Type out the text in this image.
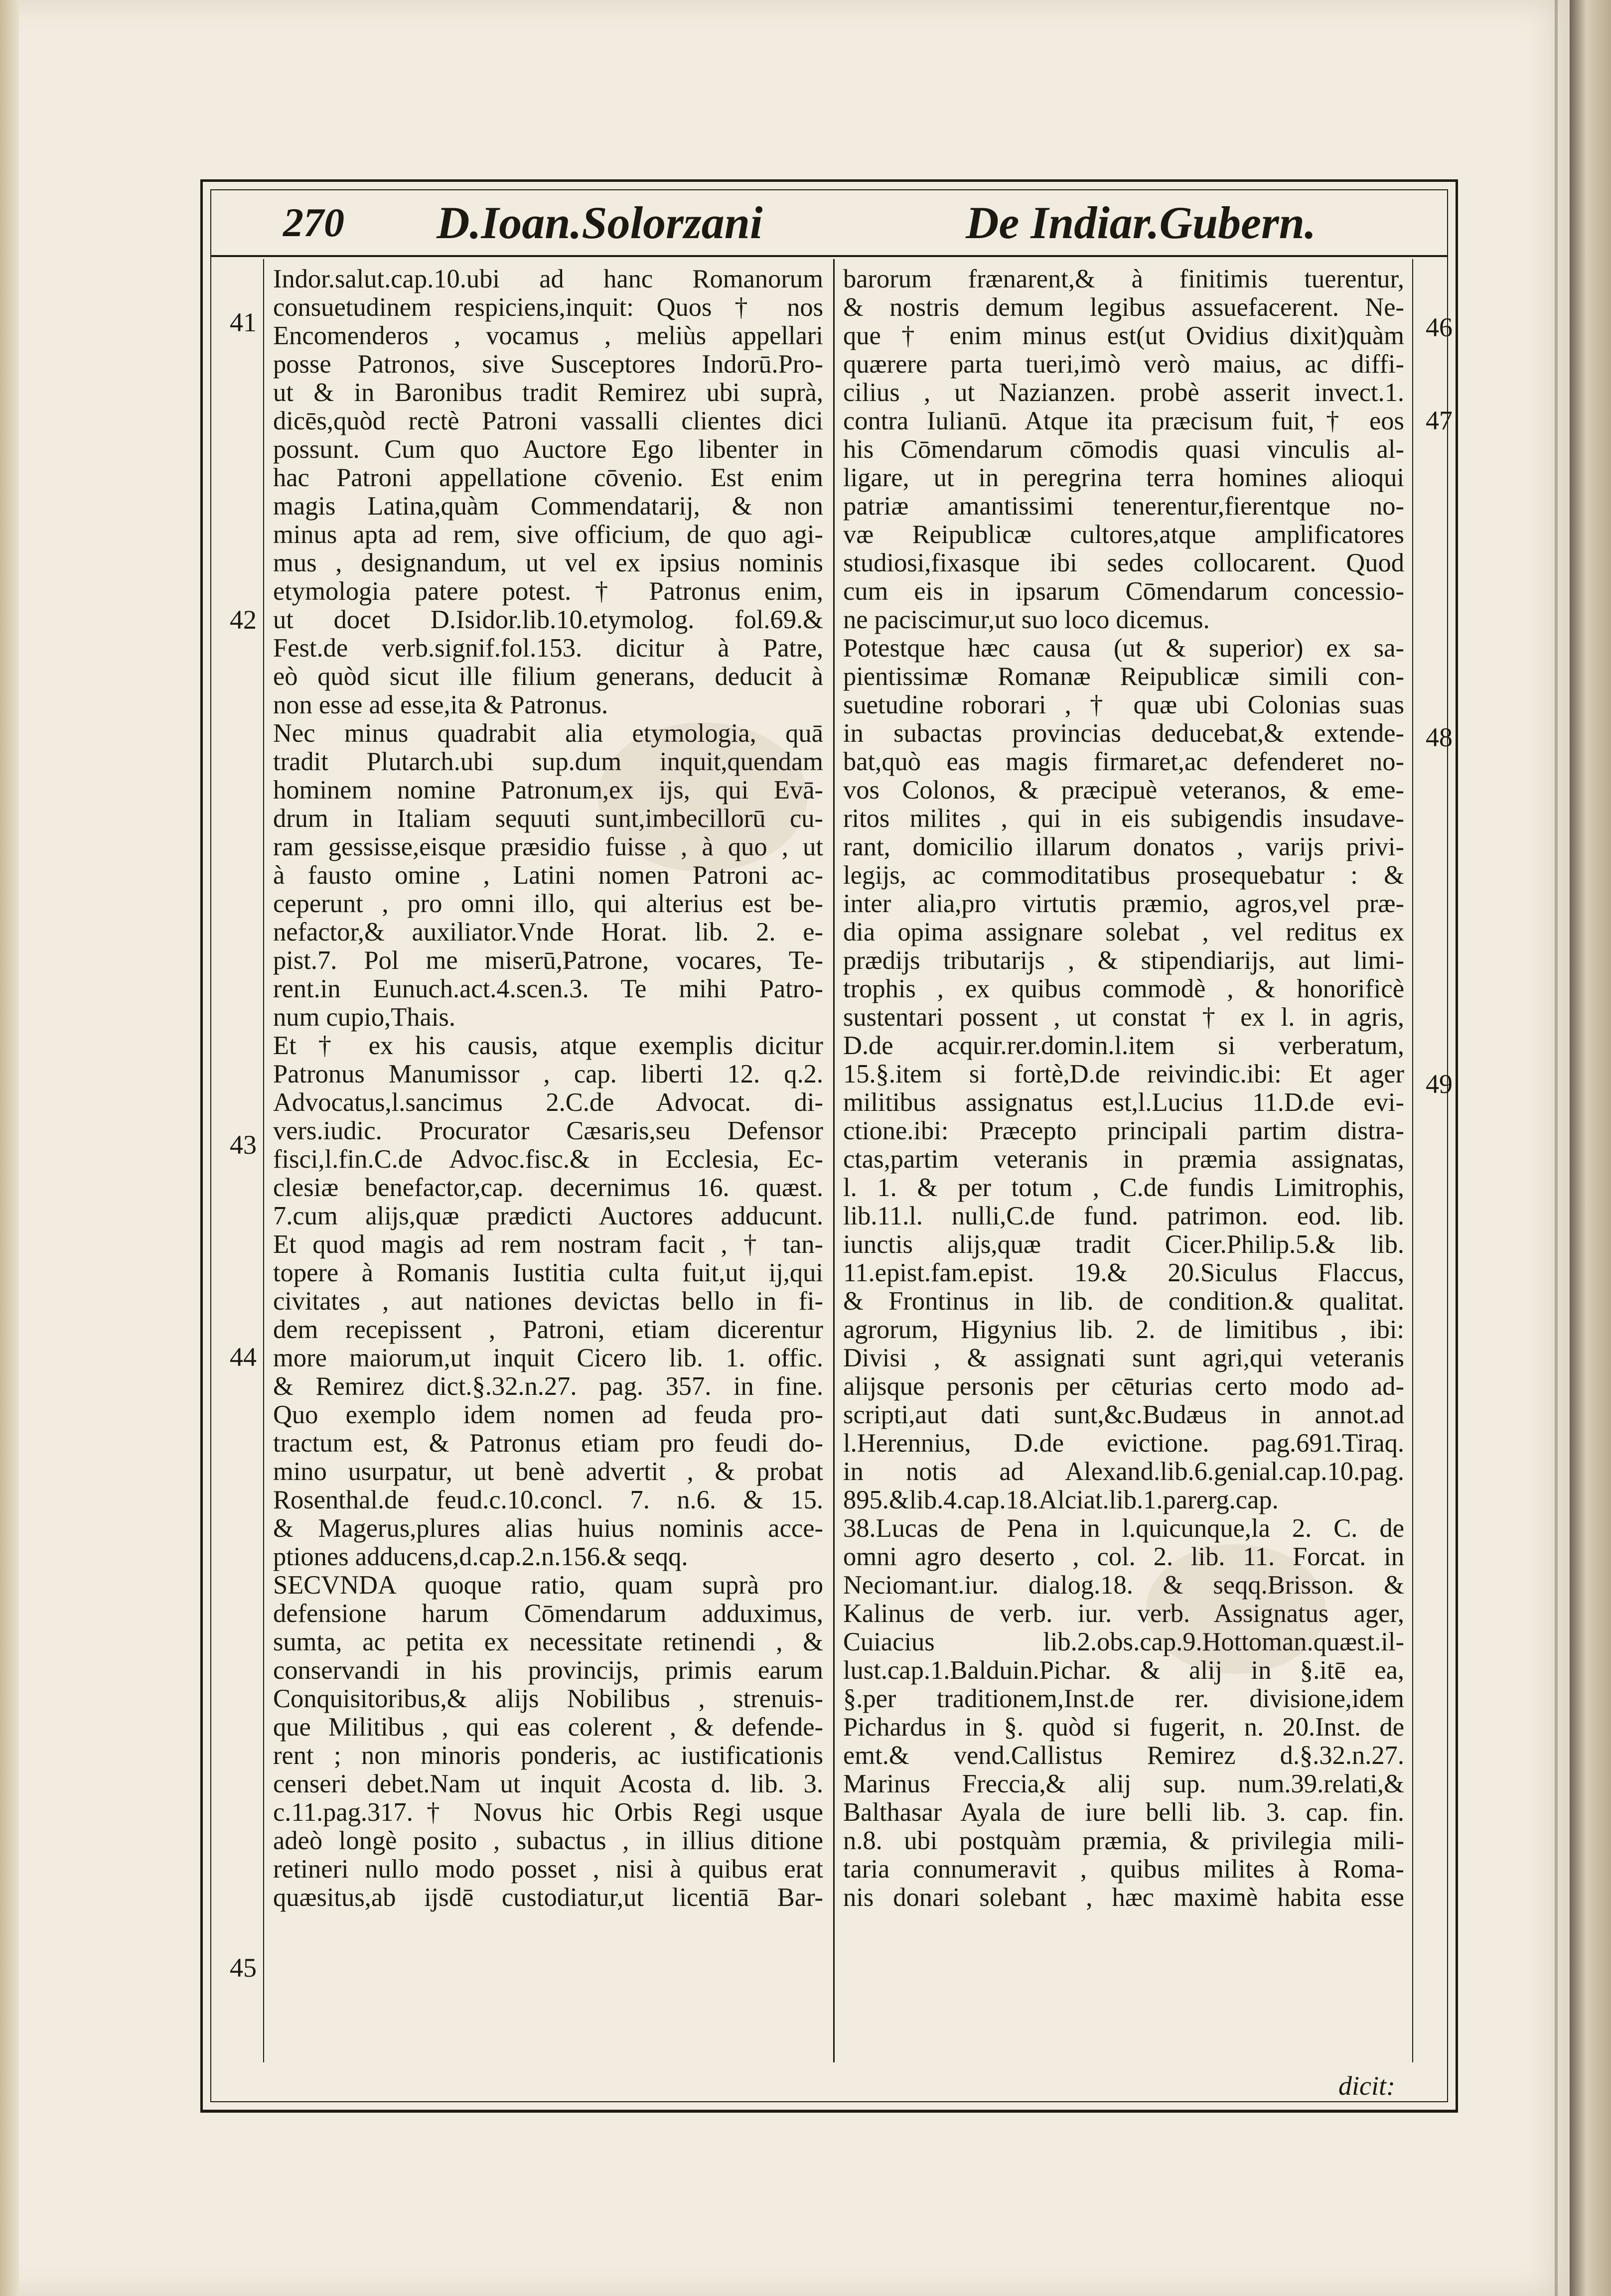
270 D.Ioan.Solorzani	De Indiar.Gubern.
Indor.salut.cap.10.ubi ad hanc Romanorum
consuetudinem respiciens,inquit: Quos † nos
Encomenderos , vocamus , meliùs appellari
posse Patronos, sive Susceptores Indorū.Pro-
ut & in Baronibus tradit Remirez ubi suprà,
dicēs,quòd rectè Patroni vassalli clientes dici
possunt. Cum quo Auctore Ego libenter in
hac Patroni appellatione cōvenio. Est enim
magis Latina,quàm Commendatarij, & non
minus apta ad rem, sive officium, de quo agi-
mus , designandum, ut vel ex ipsius nominis
etymologia patere potest. † Patronus enim,
ut docet D.Isidor.lib.10.etymolog. fol.69.&
Fest.de verb.signif.fol.153. dicitur à Patre,
eò quòd sicut ille filium generans, deducit à
non esse ad esse,ita & Patronus.
Nec minus quadrabit alia etymologia, quā
tradit Plutarch.ubi sup.dum inquit,quendam
hominem nomine Patronum,ex ijs, qui Evā-
drum in Italiam sequuti sunt,imbecillorū cu-
ram gessisse,eisque præsidio fuisse , à quo , ut
à fausto omine , Latini nomen Patroni ac-
ceperunt , pro omni illo, qui alterius est be-
nefactor,& auxiliator.Vnde Horat. lib. 2. e-
pist.7. Pol me miserū,Patrone, vocares, Te-
rent.in Eunuch.act.4.scen.3. Te mihi Patro-
num cupio,Thais.
Et † ex his causis, atque exemplis dicitur
Patronus Manumissor , cap. liberti 12. q.2.
Advocatus,l.sancimus 2.C.de Advocat. di-
vers.iudic. Procurator Cæsaris,seu Defensor
fisci,l.fin.C.de Advoc.fisc.& in Ecclesia, Ec-
clesiæ benefactor,cap. decernimus 16. quæst.
7.cum alijs,quæ prædicti Auctores adducunt.
Et quod magis ad rem nostram facit , † tan-
topere à Romanis Iustitia culta fuit,ut ij,qui
civitates , aut nationes devictas bello in fi-
dem recepissent , Patroni, etiam dicerentur
more maiorum,ut inquit Cicero lib. 1. offic.
& Remirez dict.§.32.n.27. pag. 357. in fine.
Quo exemplo idem nomen ad feuda pro-
tractum est, & Patronus etiam pro feudi do-
mino usurpatur, ut benè advertit , & probat
Rosenthal.de feud.c.10.concl. 7. n.6. & 15.
& Magerus,plures alias huius nominis acce-
ptiones adducens,d.cap.2.n.156.& seqq.
SECVNDA quoque ratio, quam suprà pro
defensione harum Cōmendarum adduximus,
sumta, ac petita ex necessitate retinendi , &
conservandi in his provincijs, primis earum
Conquisitoribus,& alijs Nobilibus , strenuis-
que Militibus , qui eas colerent , & defende-
rent ; non minoris ponderis, ac iustificationis
censeri debet.Nam ut inquit Acosta d. lib. 3.
c.11.pag.317.† Novus hic Orbis Regi usque
adeò longè posito , subactus , in illius ditione
retineri nullo modo posset , nisi à quibus erat
quæsitus,ab ijsdē custodiatur,ut licentiā Bar-
barorum frænarent,& à finitimis tuerentur,
& nostris demum legibus assuefacerent. Ne-
que † enim minus est(ut Ovidius dixit)quàm
quærere parta tueri,imò verò maius, ac diffi-
cilius , ut Nazianzen. probè asserit invect.1.
contra Iulianū. Atque ita præcisum fuit,† eos
his Cōmendarum cōmodis quasi vinculis al-
ligare, ut in peregrina terra homines alioqui
patriæ amantissimi tenerentur,fierentque no-
væ Reipublicæ cultores,atque amplificatores
studiosi,fixasque ibi sedes collocarent. Quod
cum eis in ipsarum Cōmendarum concessio-
ne paciscimur,ut suo loco dicemus.
Potestque hæc causa (ut & superior) ex sa-
pientissimæ Romanæ Reipublicæ simili con-
suetudine roborari , † quæ ubi Colonias suas
in subactas provincias deducebat,& extende-
bat,quò eas magis firmaret,ac defenderet no-
vos Colonos, & præcipuè veteranos, & eme-
ritos milites , qui in eis subigendis insudave-
rant, domicilio illarum donatos , varijs privi-
legijs, ac commoditatibus prosequebatur : &
inter alia,pro virtutis præmio, agros,vel præ-
dia opima assignare solebat , vel reditus ex
prædijs tributarijs , & stipendiarijs, aut limi-
trophis , ex quibus commodè , & honorificè
sustentari possent , ut constat † ex l. in agris,
D.de acquir.rer.domin.l.item si verberatum,
15.§.item si fortè,D.de reivindic.ibi: Et ager
militibus assignatus est,l.Lucius 11.D.de evi-
ctione.ibi: Præcepto principali partim distra-
ctas,partim veteranis in præmia assignatas,
l. 1. & per totum , C.de fundis Limitrophis,
lib.11.l. nulli,C.de fund. patrimon. eod. lib.
iunctis alijs,quæ tradit Cicer.Philip.5.& lib.
11.epist.fam.epist. 19.& 20.Siculus Flaccus,
& Frontinus in lib. de condition.& qualitat.
agrorum, Higynius lib. 2. de limitibus , ibi:
Divisi , & assignati sunt agri,qui veteranis
alijsque personis per cēturias certo modo ad-
scripti,aut dati sunt,&c.Budæus in annot.ad
l.Herennius, D.de evictione. pag.691.Tiraq.
in notis ad Alexand.lib.6.genial.cap.10.pag.
895.&lib.4.cap.18.Alciat.lib.1.parerg.cap.
38.Lucas de Pena in l.quicunque,la 2. C. de
omni agro deserto , col. 2. lib. 11. Forcat. in
Neciomant.iur. dialog.18. & seqq.Brisson. &
Kalinus de verb. iur. verb. Assignatus ager,
Cuiacius lib.2.obs.cap.9.Hottoman.quæst.il-
lust.cap.1.Balduin.Pichar. & alij in §.itē ea,
§.per traditionem,Inst.de rer. divisione,idem
Pichardus in §. quòd si fugerit, n. 20.Inst. de
emt.& vend.Callistus Remirez d.§.32.n.27.
Marinus Freccia,& alij sup. num.39.relati,&
Balthasar Ayala de iure belli lib. 3. cap. fin.
n.8. ubi postquàm præmia, & privilegia mili-
taria connumeravit , quibus milites à Roma-
nis donari solebant , hæc maximè habita esse
41
42
43
44
45
46
47
48
49
dicit:
